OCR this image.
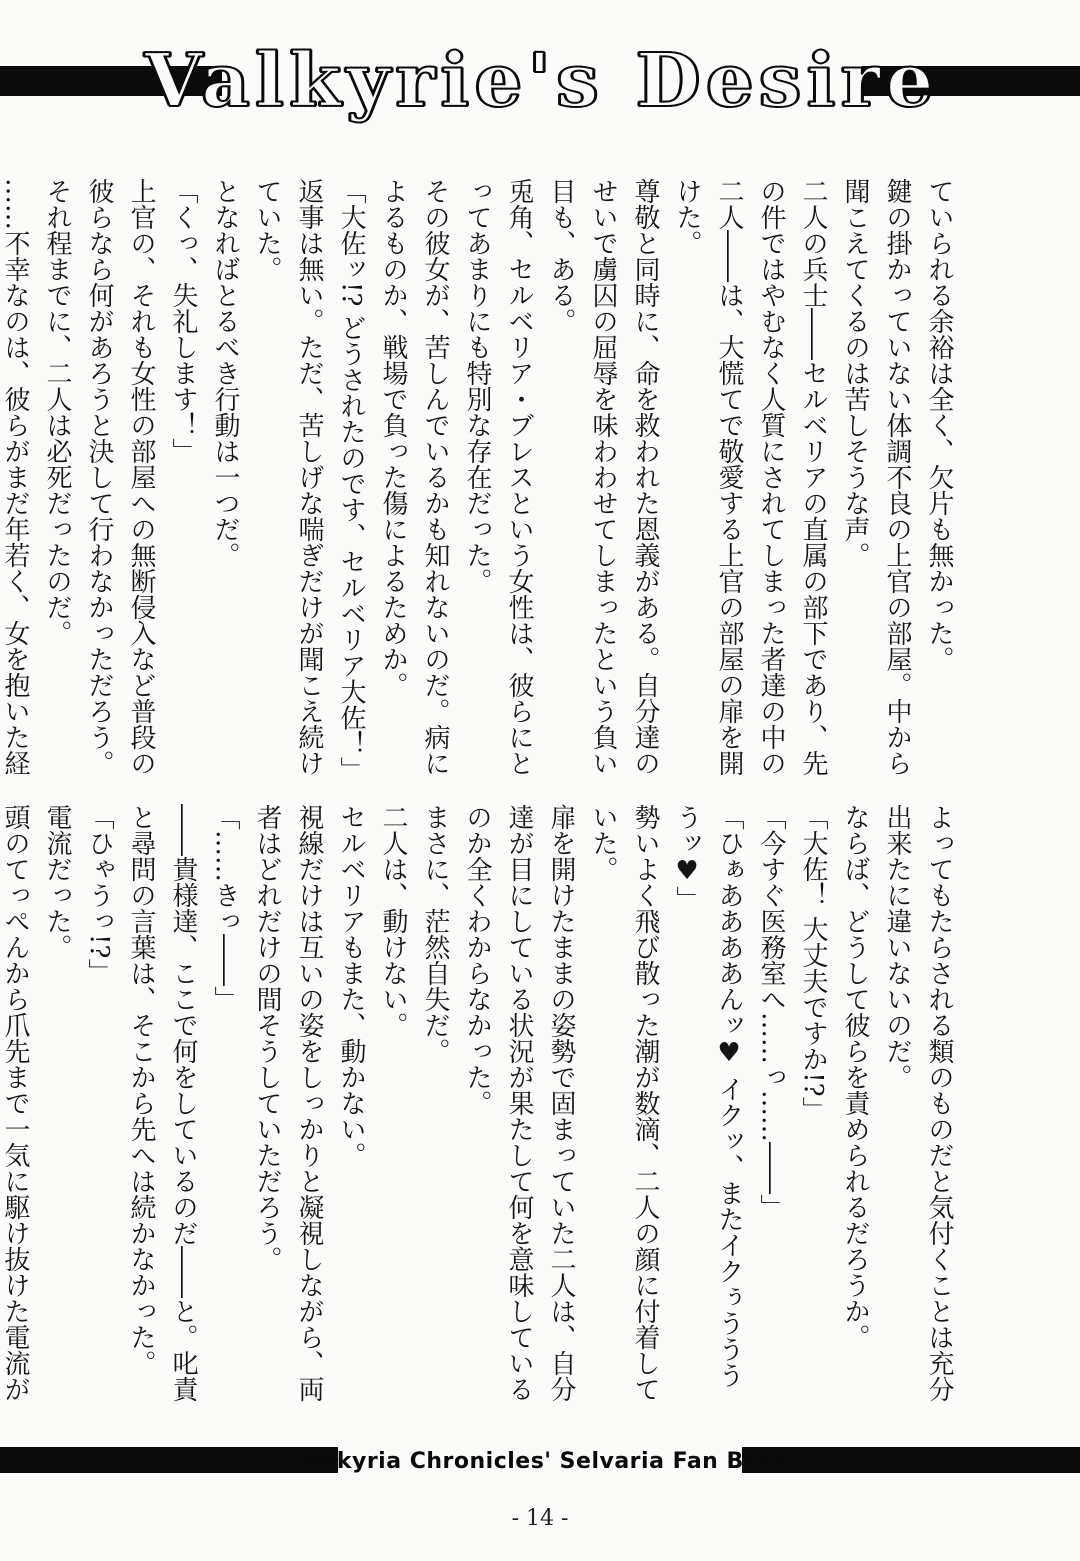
Valkyrie's Desire

ていられる余裕は全く、欠片も無かった。

鍵の掛かっていない体調不良の上官の部屋。中から聞こえてくるのは苦しそうな声。

二人の兵士――セルベリアの直属の部下であり、先の件ではやむなく人質にされてしまった者達の中の二人――は、大慌てで敬愛する上官の部屋の扉を開けた。

尊敬と同時に、命を救われた恩義がある。自分達のせいで虜囚の屈辱を味わわせてしまったという負い目も、ある。

兎角、セルベリア・ブレスという女性は、彼らにとってあまりにも特別な存在だった。

その彼女が、苦しんでいるかも知れないのだ。病によるものか、戦場で負った傷によるためか。

「大佐ッ!? どうされたのです、セルベリア大佐！」

返事は無い。ただ、苦しげな喘ぎだけが聞こえ続けていた。

となればとるべき行動は一つだ。

「くっ、失礼します！」

上官の、それも女性の部屋への無断侵入など普段の彼らなら何があろうと決して行わなかっただろう。それ程までに、二人は必死だったのだ。

……不幸なのは、彼らがまだ年若く、女を抱いた経

よってもたらされる類のものだと気付くことは充分出来たに違いないのだ。

ならば、どうして彼らを責められるだろうか。

「大佐！ 大丈夫ですか!?」

「今すぐ医務室へ……っ……――」

「ひぁああああんッ♥ イクッ、またイクぅううううッ♥」

勢いよく飛び散った潮が数滴、二人の顔に付着していた。

扉を開けたままの姿勢で固まっていた二人は、自分達が目にしている状況が果たして何を意味しているのか全くわからなかった。

まさに、茫然自失だ。

二人は、動けない。

セルベリアもまた、動かない。

視線だけは互いの姿をしっかりと凝視しながら、両者はどれだけの間そうしていただろう。

「……きっ――」

――貴様達、ここで何をしているのだ――と。叱責と尋問の言葉は、そこから先へは続かなかった。

「ひゃうっ!?」

電流だった。

頭のてっぺんから爪先まで一気に駆け抜けた電流が

'Valkyria Chronicles' Selvaria Fan Book
- 14 -
